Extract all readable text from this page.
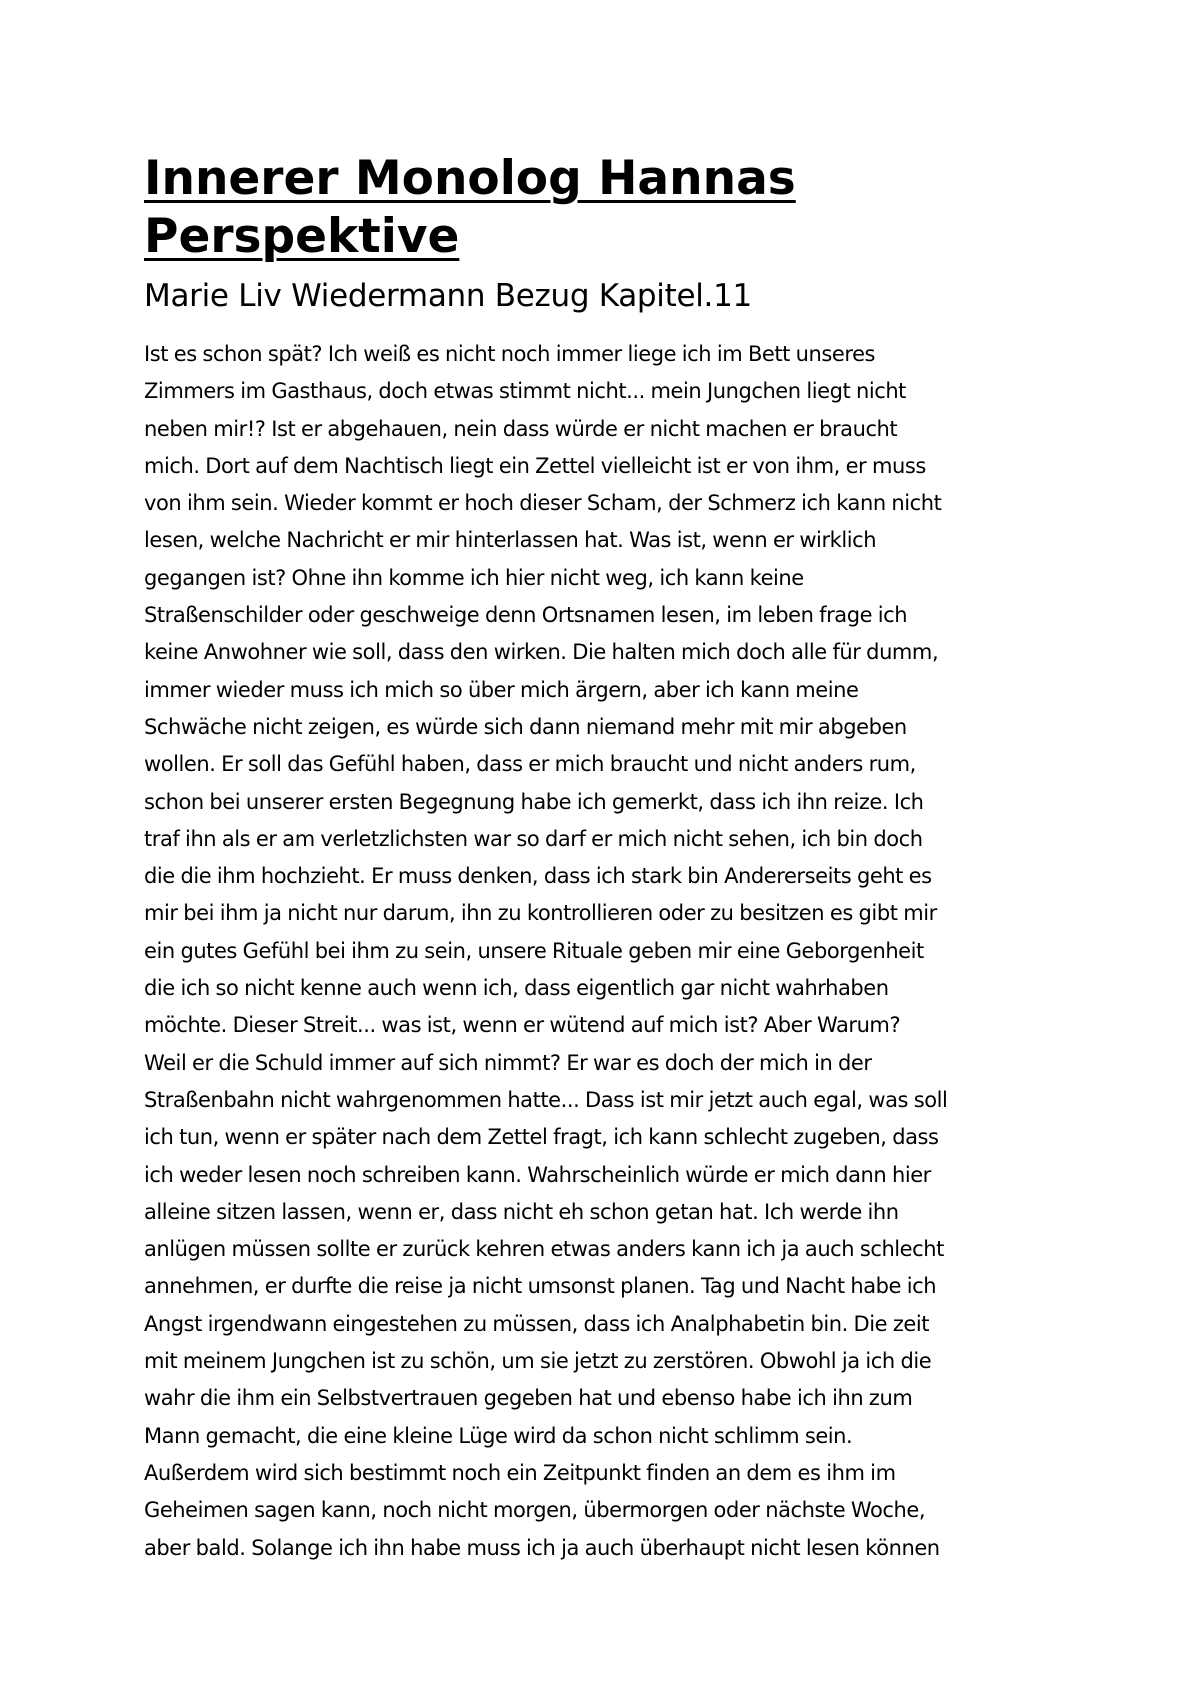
Innerer Monolog Hannas
Perspektive
Marie Liv Wiedermann Bezug Kapitel.11
Ist es schon spät? Ich weiß es nicht noch immer liege ich im Bett unseres
Zimmers im Gasthaus, doch etwas stimmt nicht... mein Jungchen liegt nicht
neben mir!? Ist er abgehauen, nein dass würde er nicht machen er braucht
mich. Dort auf dem Nachtisch liegt ein Zettel vielleicht ist er von ihm, er muss
von ihm sein. Wieder kommt er hoch dieser Scham, der Schmerz ich kann nicht
lesen, welche Nachricht er mir hinterlassen hat. Was ist, wenn er wirklich
gegangen ist? Ohne ihn komme ich hier nicht weg, ich kann keine
Straßenschilder oder geschweige denn Ortsnamen lesen, im leben frage ich
keine Anwohner wie soll, dass den wirken. Die halten mich doch alle für dumm,
immer wieder muss ich mich so über mich ärgern, aber ich kann meine
Schwäche nicht zeigen, es würde sich dann niemand mehr mit mir abgeben
wollen. Er soll das Gefühl haben, dass er mich braucht und nicht anders rum,
schon bei unserer ersten Begegnung habe ich gemerkt, dass ich ihn reize. Ich
traf ihn als er am verletzlichsten war so darf er mich nicht sehen, ich bin doch
die die ihm hochzieht. Er muss denken, dass ich stark bin Andererseits geht es
mir bei ihm ja nicht nur darum, ihn zu kontrollieren oder zu besitzen es gibt mir
ein gutes Gefühl bei ihm zu sein, unsere Rituale geben mir eine Geborgenheit
die ich so nicht kenne auch wenn ich, dass eigentlich gar nicht wahrhaben
möchte. Dieser Streit... was ist, wenn er wütend auf mich ist? Aber Warum?
Weil er die Schuld immer auf sich nimmt? Er war es doch der mich in der
Straßenbahn nicht wahrgenommen hatte... Dass ist mir jetzt auch egal, was soll
ich tun, wenn er später nach dem Zettel fragt, ich kann schlecht zugeben, dass
ich weder lesen noch schreiben kann. Wahrscheinlich würde er mich dann hier
alleine sitzen lassen, wenn er, dass nicht eh schon getan hat. Ich werde ihn
anlügen müssen sollte er zurück kehren etwas anders kann ich ja auch schlecht
annehmen, er durfte die reise ja nicht umsonst planen. Tag und Nacht habe ich
Angst irgendwann eingestehen zu müssen, dass ich Analphabetin bin. Die zeit
mit meinem Jungchen ist zu schön, um sie jetzt zu zerstören. Obwohl ja ich die
wahr die ihm ein Selbstvertrauen gegeben hat und ebenso habe ich ihn zum
Mann gemacht, die eine kleine Lüge wird da schon nicht schlimm sein.
Außerdem wird sich bestimmt noch ein Zeitpunkt finden an dem es ihm im
Geheimen sagen kann, noch nicht morgen, übermorgen oder nächste Woche,
aber bald. Solange ich ihn habe muss ich ja auch überhaupt nicht lesen können
